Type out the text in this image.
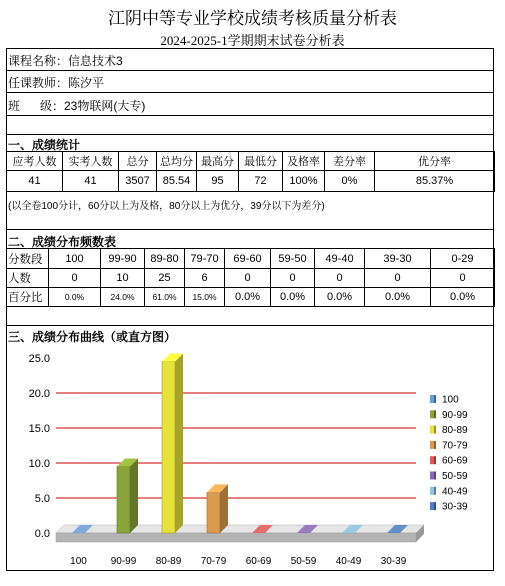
江阴中等专业学校成绩考核质量分析表
2024-2025-1学期期末试卷分析表
课程名称：信息技术3
任课教师：陈汐平
班      级：23物联网(大专)
一、成绩统计
应考人数	实考人数	总分	总均分	最高分	最低分	及格率	差分率	优分率
41	41	3507	85.54	95	72	100%	0%	85.37%
(以全卷100分计，60分以上为及格，80分以上为优分，39分以下为差分)
二、成绩分布频数表
分数段	100	99-90	89-80	79-70	69-60	59-50	49-40	39-30	0-29
人数	0	10	25	6	0	0	0	0	0
百分比	0.0%	24.0%	61.0%	15.0%	0.0%	0.0%	0.0%	0.0%	0.0%
三、成绩分布曲线（或直方图）
0.0
5.0
10.0
15.0
20.0
25.0
100 90-99 80-89 70-79 60-69 50-59 40-49 30-39
100
90-99
80-89
70-79
60-69
50-59
40-49
30-39
